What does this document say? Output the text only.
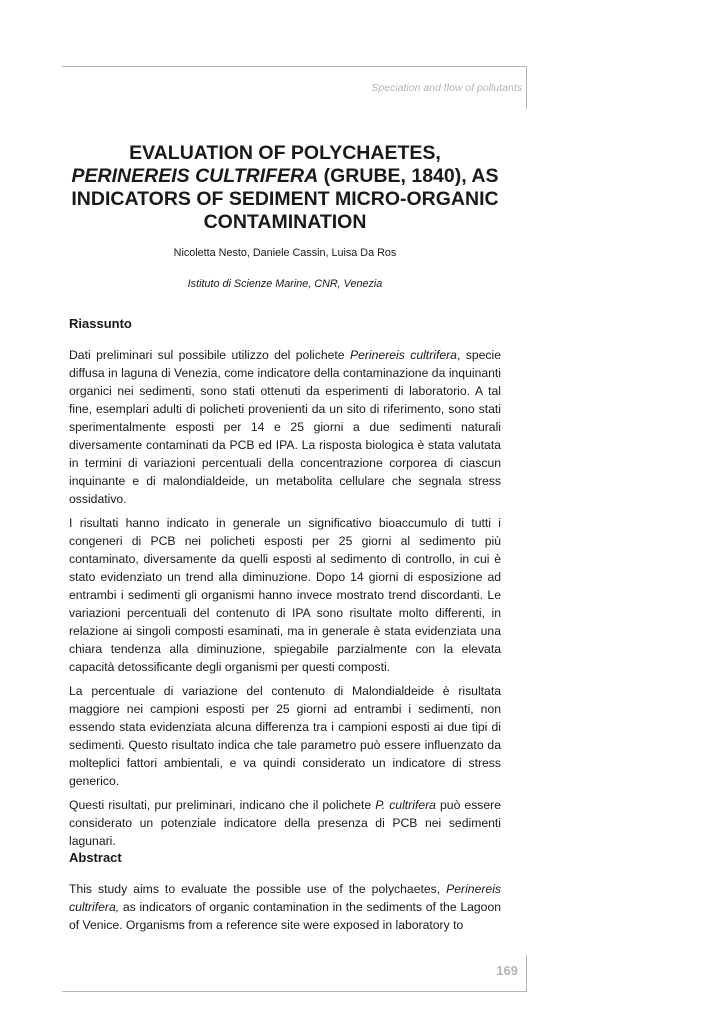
Speciation and flow of pollutants
EVALUATION OF POLYCHAETES,
PERINEREIS CULTRIFERA (GRUBE, 1840), AS
INDICATORS OF SEDIMENT MICRO-ORGANIC
CONTAMINATION
Nicoletta Nesto, Daniele Cassin, Luisa Da Ros
Istituto di Scienze Marine, CNR, Venezia
Riassunto

Dati preliminari sul possibile utilizzo del polichete Perinereis cultrifera, specie diffusa in laguna di Venezia, come indicatore della contaminazione da inquinanti organici nei sedimenti, sono stati ottenuti da esperimenti di laboratorio. A tal fine, esemplari adulti di policheti provenienti da un sito di riferimento, sono stati sperimentalmente esposti per 14 e 25 giorni a due sedimenti naturali diversamente contaminati da PCB ed IPA. La risposta biologica è stata valutata in termini di variazioni percentuali della concentrazione corporea di ciascun inquinante e di malondialdeide, un metabolita cellulare che segnala stress ossidativo.

I risultati hanno indicato in generale un significativo bioaccumulo di tutti i congeneri di PCB nei policheti esposti per 25 giorni al sedimento più contaminato, diversamente da quelli esposti al sedimento di controllo, in cui è stato evidenziato un trend alla diminuzione. Dopo 14 giorni di esposizione ad entrambi i sedimenti gli organismi hanno invece mostrato trend discordanti. Le variazioni percentuali del contenuto di IPA sono risultate molto differenti, in relazione ai singoli composti esaminati, ma in generale è stata evidenziata una chiara tendenza alla diminuzione, spiegabile parzialmente con la elevata capacità detossificante degli organismi per questi composti.

La percentuale di variazione del contenuto di Malondialdeide è risultata maggiore nei campioni esposti per 25 giorni ad entrambi i sedimenti, non essendo stata evidenziata alcuna differenza tra i campioni esposti ai due tipi di sedimenti. Questo risultato indica che tale parametro può essere influenzato da molteplici fattori ambientali, e va quindi considerato un indicatore di stress generico.

Questi risultati, pur preliminari, indicano che il polichete P. cultrifera può essere considerato un potenziale indicatore della presenza di PCB nei sedimenti lagunari.

Abstract

This study aims to evaluate the possible use of the polychaetes, Perinereis cultrifera, as indicators of organic contamination in the sediments of the Lagoon of Venice. Organisms from a reference site were exposed in laboratory to

169
